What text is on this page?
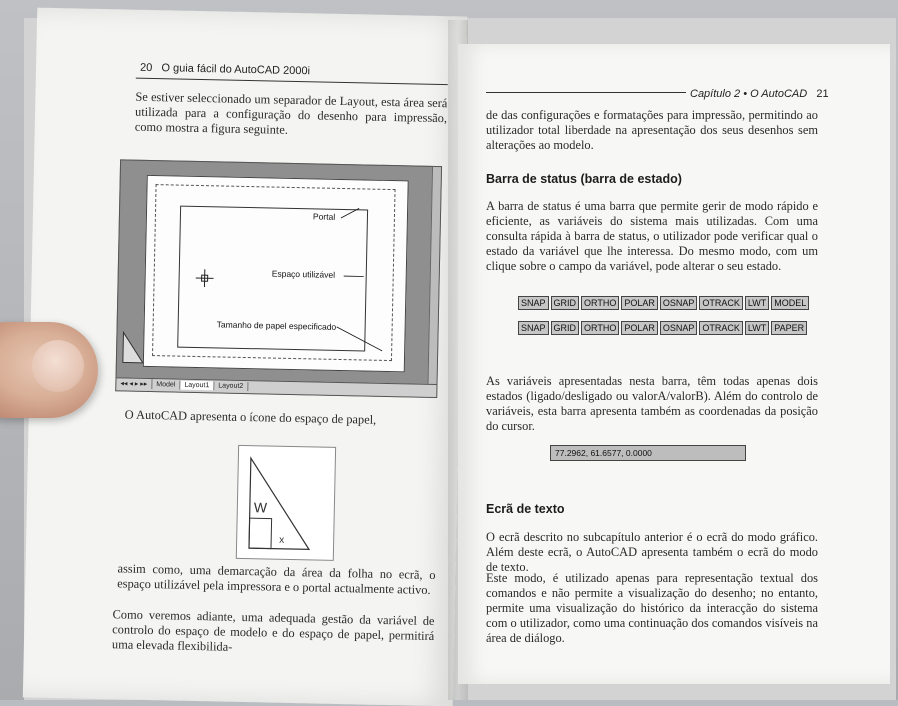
20 O guia fácil do AutoCAD 2000i

Se estiver seleccionado um separador de Layout, esta área será utilizada para a configuração do desenho para impressão, como mostra a figura seguinte.

Portal
Espaço utilizável
Tamanho de papel especificado
◂◂ ◂ ▸ ▸▸ Model Layout1 Layout2

O AutoCAD apresenta o ícone do espaço de papel,

W
x

assim como, uma demarcação da área da folha no ecrã, o espaço utilizável pela impressora e o portal actualmente activo.

Como veremos adiante, uma adequada gestão da variável de controlo do espaço de modelo e do espaço de papel, permitirá uma elevada flexibilida-

Capítulo 2 • O AutoCAD 21

de das configurações e formatações para impressão, permitindo ao utilizador total liberdade na apresentação dos seus desenhos sem alterações ao modelo.

Barra de status (barra de estado)

A barra de status é uma barra que permite gerir de modo rápido e eficiente, as variáveis do sistema mais utilizadas. Com uma consulta rápida à barra de status, o utilizador pode verificar qual o estado da variável que lhe interessa. Do mesmo modo, com um clique sobre o campo da variável, pode alterar o seu estado.

SNAP GRID ORTHO POLAR OSNAP OTRACK LWT MODEL
SNAP GRID ORTHO POLAR OSNAP OTRACK LWT PAPER

As variáveis apresentadas nesta barra, têm todas apenas dois estados (ligado/desligado ou valorA/valorB). Além do controlo de variáveis, esta barra apresenta também as coordenadas da posição do cursor.

77.2962, 61.6577, 0.0000
Ecrã de texto

O ecrã descrito no subcapítulo anterior é o ecrã do modo gráfico. Além deste ecrã, o AutoCAD apresenta também o ecrã do modo de texto.

Este modo, é utilizado apenas para representação textual dos comandos e não permite a visualização do desenho; no entanto, permite uma visualização do histórico da interacção do sistema com o utilizador, como uma continuação dos comandos visíveis na área de diálogo.
